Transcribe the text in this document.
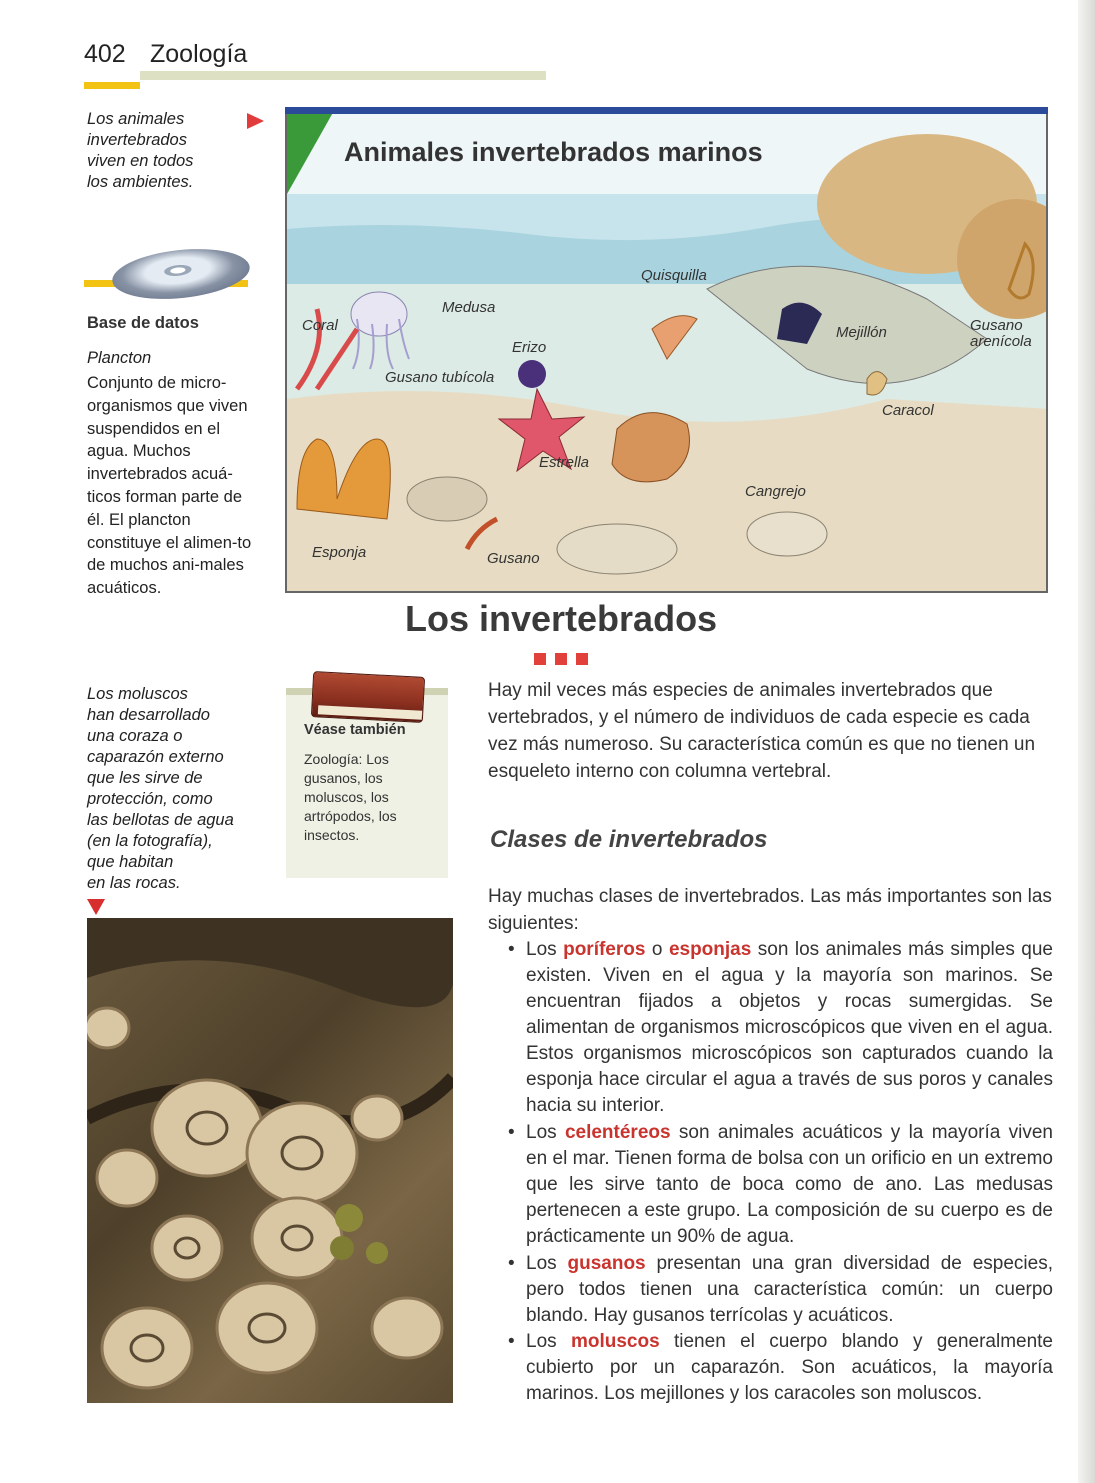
402 Zoología
Los animales
invertebrados
viven en todos
los ambientes.
Base de datos
Plancton
Conjunto de micro-organismos que viven suspendidos en el agua. Muchos invertebrados acuá-ticos forman parte de él. El plancton constituye el alimen-to de muchos ani-males acuáticos.
Animales invertebrados marinos
Quisquilla
Medusa
Coral	Mejillón	Gusano
arenícola
Erizo
Gusano tubícola
Caracol
Estrella
Cangrejo
Esponja	Gusano
Los invertebrados
Los moluscos
han desarrollado
una coraza o
caparazón externo
que les sirve de
protección, como
las bellotas de agua
(en la fotografía),
que habitan
en las rocas.
Véase también
Zoología: Los gusanos, los moluscos, los artrópodos, los insectos.
Hay mil veces más especies de animales invertebrados que vertebrados, y el número de individuos de cada especie es cada vez más numeroso. Su característica común es que no tienen un esqueleto interno con columna vertebral.
Clases de invertebrados
Hay muchas clases de invertebrados. Las más importantes son las siguientes:
• Los poríferos o esponjas son los animales más simples que existen. Viven en el agua y la mayoría son marinos. Se encuentran fijados a objetos y rocas sumergidas. Se alimentan de organismos microscópicos que viven en el agua. Estos organismos microscópicos son capturados cuando la esponja hace circular el agua a través de sus poros y canales hacia su interior.
• Los celentéreos son animales acuáticos y la mayoría viven en el mar. Tienen forma de bolsa con un orificio en un extremo que les sirve tanto de boca como de ano. Las medusas pertenecen a este grupo. La composición de su cuerpo es de prácticamente un 90% de agua.
• Los gusanos presentan una gran diversidad de especies, pero todos tienen una característica común: un cuerpo blando. Hay gusanos terrícolas y acuáticos.
• Los moluscos tienen el cuerpo blando y generalmente cubierto por un caparazón. Son acuáticos, la mayoría marinos. Los mejillones y los caracoles son moluscos.
